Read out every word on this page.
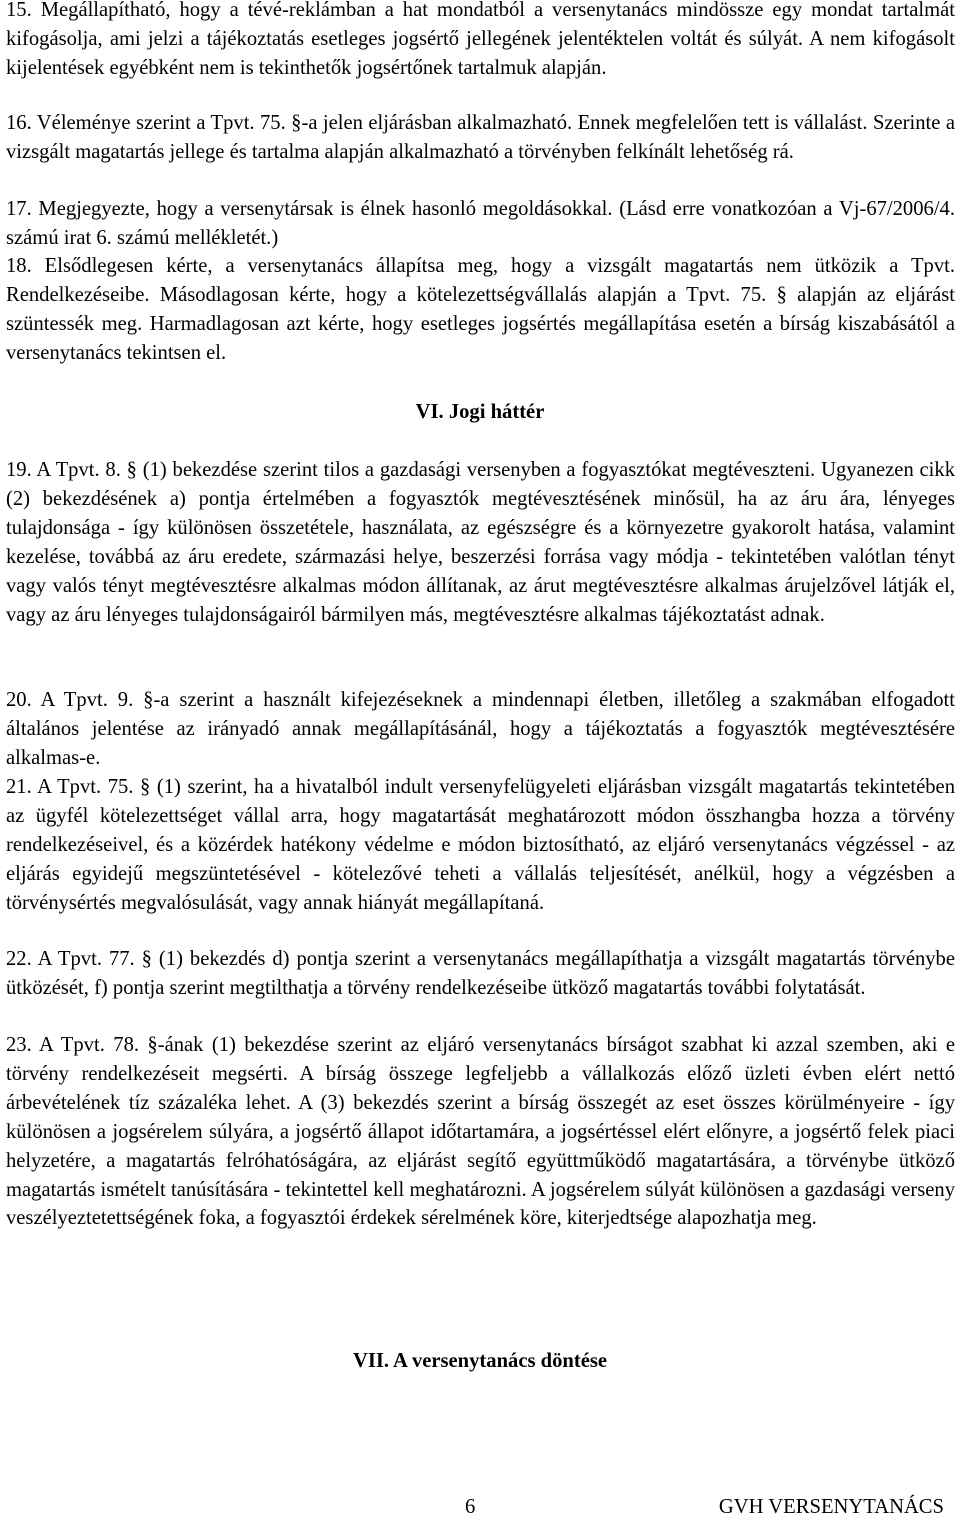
15. Megállapítható, hogy a tévé-reklámban a hat mondatból a versenytanács mindössze egy mondat tartalmát kifogásolja, ami jelzi a tájékoztatás esetleges jogsértő jellegének jelentéktelen voltát és súlyát. A nem kifogásolt kijelentések egyébként nem is tekinthetők jogsértőnek tartalmuk alapján.

16. Véleménye szerint a Tpvt. 75. §-a jelen eljárásban alkalmazható. Ennek megfelelően tett is vállalást. Szerinte a vizsgált magatartás jellege és tartalma alapján alkalmazható a törvényben felkínált lehetőség rá.

17. Megjegyezte, hogy a versenytársak is élnek hasonló megoldásokkal. (Lásd erre vonatkozóan a Vj-67/2006/4. számú irat 6. számú mellékletét.)

18. Elsődlegesen kérte, a versenytanács állapítsa meg, hogy a vizsgált magatartás nem ütközik a Tpvt. Rendelkezéseibe. Másodlagosan kérte, hogy a kötelezettségvállalás alapján a Tpvt. 75. § alapján az eljárást szüntessék meg. Harmadlagosan azt kérte, hogy esetleges jogsértés megállapítása esetén a bírság kiszabásától a versenytanács tekintsen el.

VI. Jogi háttér

19. A Tpvt. 8. § (1) bekezdése szerint tilos a gazdasági versenyben a fogyasztókat megtéveszteni. Ugyanezen cikk (2) bekezdésének a) pontja értelmében a fogyasztók megtévesztésének minősül, ha az áru ára, lényeges tulajdonsága - így különösen összetétele, használata, az egészségre és a környezetre gyakorolt hatása, valamint kezelése, továbbá az áru eredete, származási helye, beszerzési forrása vagy módja - tekintetében valótlan tényt vagy valós tényt megtévesztésre alkalmas módon állítanak, az árut megtévesztésre alkalmas árujelzővel látják el, vagy az áru lényeges tulajdonságairól bármilyen más, megtévesztésre alkalmas tájékoztatást adnak.

20. A Tpvt. 9. §-a szerint a használt kifejezéseknek a mindennapi életben, illetőleg a szakmában elfogadott általános jelentése az irányadó annak megállapításánál, hogy a tájékoztatás a fogyasztók megtévesztésére alkalmas-e.

21. A Tpvt. 75. § (1) szerint, ha a hivatalból indult versenyfelügyeleti eljárásban vizsgált magatartás tekintetében az ügyfél kötelezettséget vállal arra, hogy magatartását meghatározott módon összhangba hozza a törvény rendelkezéseivel, és a közérdek hatékony védelme e módon biztosítható, az eljáró versenytanács végzéssel - az eljárás egyidejű megszüntetésével - kötelezővé teheti a vállalás teljesítését, anélkül, hogy a végzésben a törvénysértés megvalósulását, vagy annak hiányát megállapítaná.

22. A Tpvt. 77. § (1) bekezdés d) pontja szerint a versenytanács megállapíthatja a vizsgált magatartás törvénybe ütközését, f) pontja szerint megtilthatja a törvény rendelkezéseibe ütköző magatartás további folytatását.

23. A Tpvt. 78. §-ának (1) bekezdése szerint az eljáró versenytanács bírságot szabhat ki azzal szemben, aki e törvény rendelkezéseit megsérti. A bírság összege legfeljebb a vállalkozás előző üzleti évben elért nettó árbevételének tíz százaléka lehet. A (3) bekezdés szerint a bírság összegét az eset összes körülményeire - így különösen a jogsérelem súlyára, a jogsértő állapot időtartamára, a jogsértéssel elért előnyre, a jogsértő felek piaci helyzetére, a magatartás felróhatóságára, az eljárást segítő együttműködő magatartására, a törvénybe ütköző magatartás ismételt tanúsítására - tekintettel kell meghatározni. A jogsérelem súlyát különösen a gazdasági verseny veszélyeztetettségének foka, a fogyasztói érdekek sérelmének köre, kiterjedtsége alapozhatja meg.

VII. A versenytanács döntése
6	GVH VERSENYTANÁCS
